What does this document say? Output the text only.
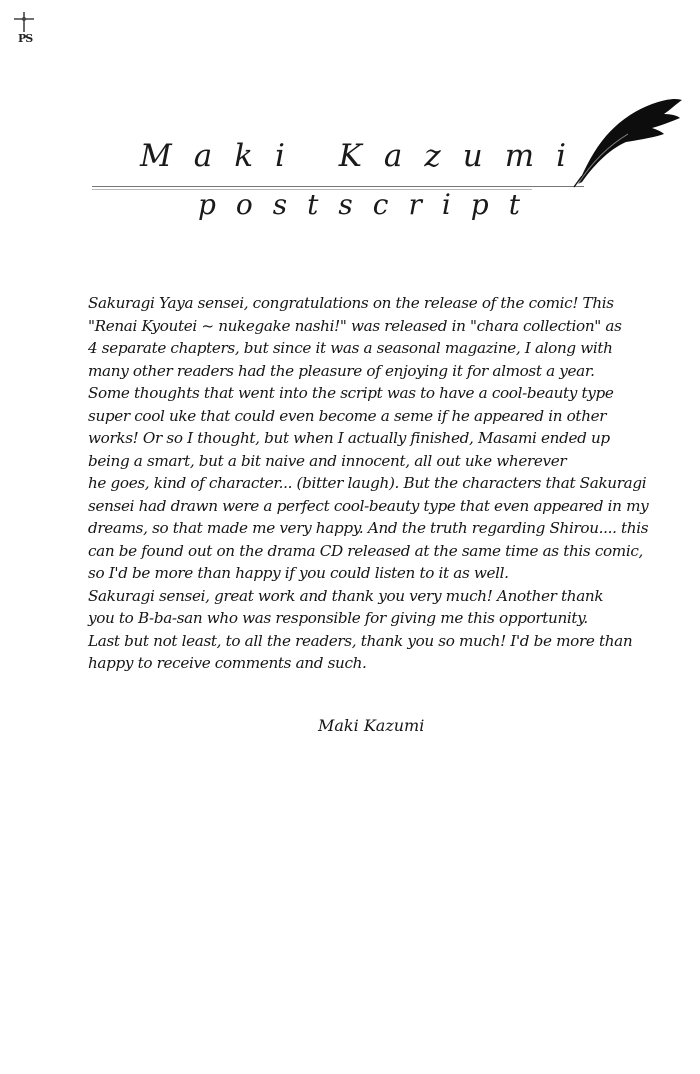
PS
Maki Kazumi
postscript
Sakuragi Yaya sensei, congratulations on the release of the comic! This
"Renai Kyoutei ~ nukegake nashi!" was released in "chara collection" as
4 separate chapters, but since it was a seasonal magazine, I along with
many other readers had the pleasure of enjoying it for almost a year.
Some thoughts that went into the script was to have a cool-beauty type
super cool uke that could even become a seme if he appeared in other
works! Or so I thought, but when I actually finished, Masami ended up
being a smart, but a bit naive and innocent, all out uke wherever
he goes, kind of character... (bitter laugh). But the characters that Sakuragi
sensei had drawn were a perfect cool-beauty type that even appeared in my
dreams, so that made me very happy. And the truth regarding Shirou.... this
can be found out on the drama CD released at the same time as this comic,
so I'd be more than happy if you could listen to it as well.
Sakuragi sensei, great work and thank you very much! Another thank
you to B-ba-san who was responsible for giving me this opportunity.
Last but not least, to all the readers, thank you so much! I'd be more than
happy to receive comments and such.
Maki Kazumi
